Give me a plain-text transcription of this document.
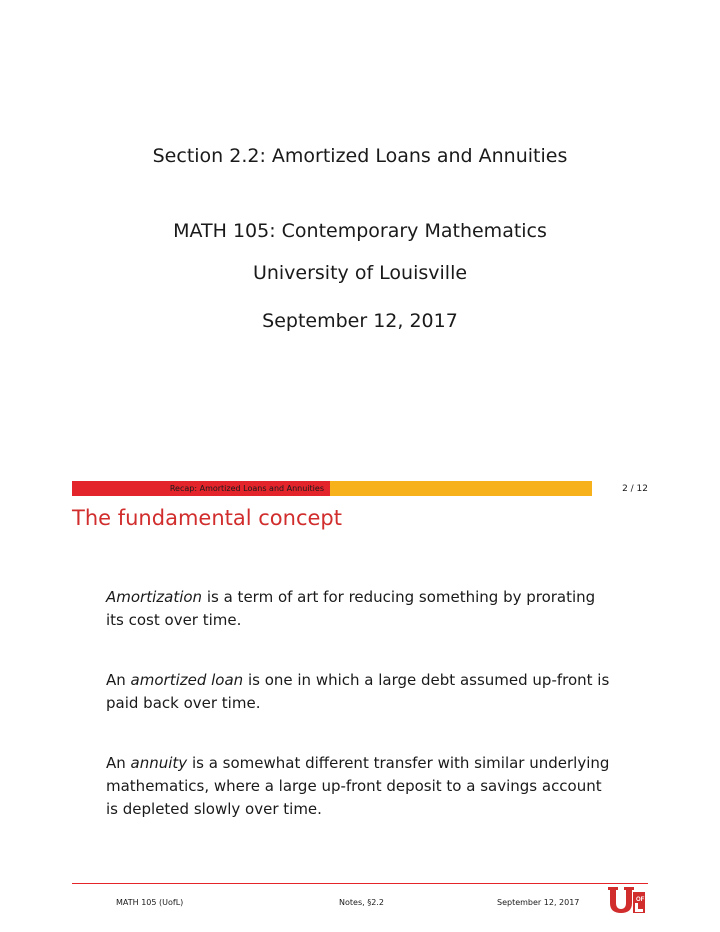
Section 2.2: Amortized Loans and Annuities
MATH 105: Contemporary Mathematics
University of Louisville
September 12, 2017
Recap: Amortized Loans and Annuities	2 / 12
The fundamental concept
Amortization is a term of art for reducing something by prorating its cost over time.
An amortized loan is one in which a large debt assumed up-front is paid back over time.
An annuity is a somewhat different transfer with similar underlying mathematics, where a large up-front deposit to a savings account is depleted slowly over time.
MATH 105 (UofL)	Notes, §2.2	September 12, 2017	OF
